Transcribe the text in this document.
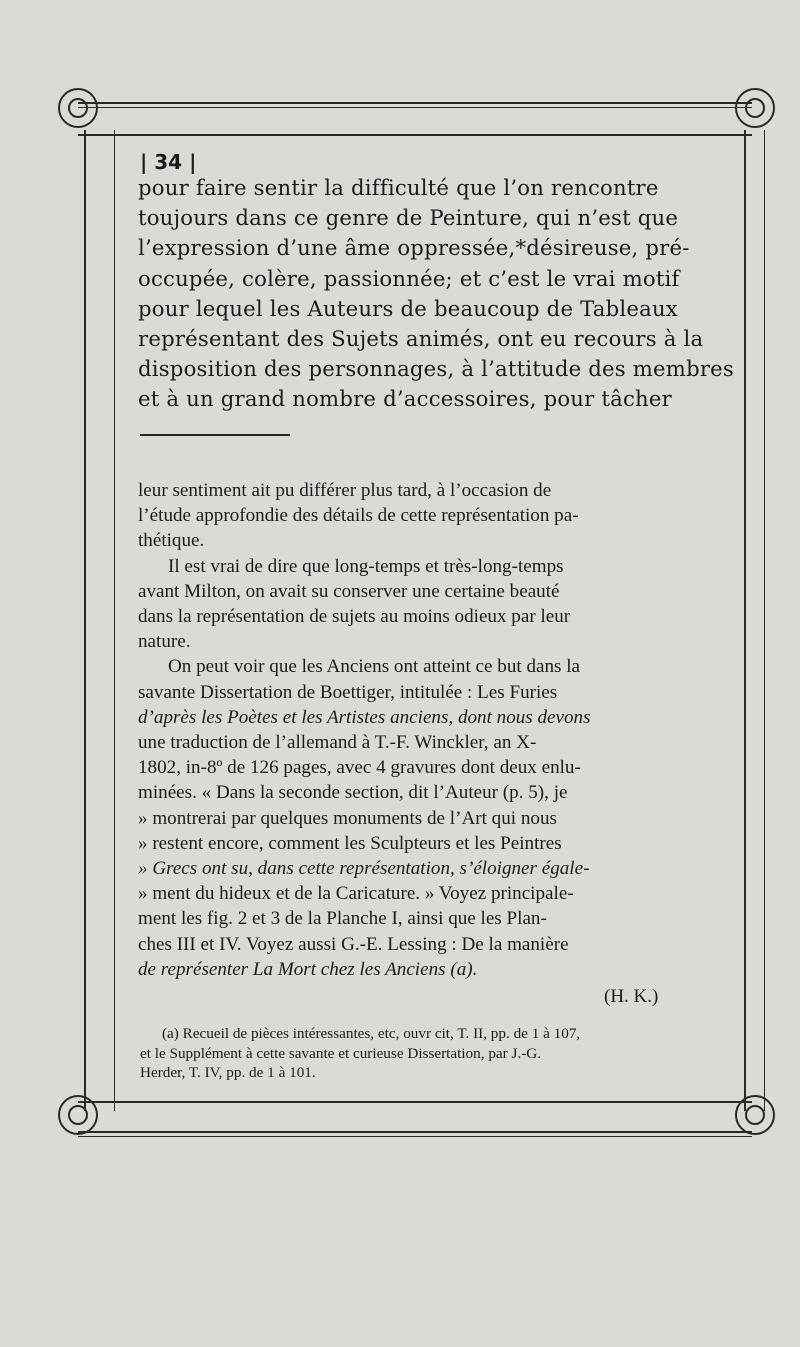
| 34 |
pour faire sentir la difficulté que l’on rencontre
toujours dans ce genre de Peinture, qui n’est que
l’expression d’une âme oppressée,*désireuse, pré-
occupée, colère, passionnée; et c’est le vrai motif
pour lequel les Auteurs de beaucoup de Tableaux
représentant des Sujets animés, ont eu recours à la
disposition des personnages, à l’attitude des membres
et à un grand nombre d’accessoires, pour tâcher
leur sentiment ait pu différer plus tard, à l’occasion de
l’étude approfondie des détails de cette représentation pa-
thétique.
Il est vrai de dire que long-temps et très-long-temps
avant Milton, on avait su conserver une certaine beauté
dans la représentation de sujets au moins odieux par leur
nature.
On peut voir que les Anciens ont atteint ce but dans la
savante Dissertation de Boettiger, intitulée : Les Furies
d’après les Poètes et les Artistes anciens, dont nous devons
une traduction de l’allemand à T.-F. Winckler, an X-
1802, in-8º de 126 pages, avec 4 gravures dont deux enlu-
minées. « Dans la seconde section, dit l’Auteur (p. 5), je
» montrerai par quelques monuments de l’Art qui nous
» restent encore, comment les Sculpteurs et les Peintres
» Grecs ont su, dans cette représentation, s’éloigner égale-
» ment du hideux et de la Caricature. » Voyez principale-
ment les fig. 2 et 3 de la Planche I, ainsi que les Plan-
ches III et IV. Voyez aussi G.-E. Lessing : De la manière
de représenter La Mort chez les Anciens (a).
(a) Recueil de pièces intéressantes, etc, ouvr cit, T. II, pp. de 1 à 107,
et le Supplément à cette savante et curieuse Dissertation, par J.-G.
Herder, T. IV, pp. de 1 à 101.
(H. K.)
